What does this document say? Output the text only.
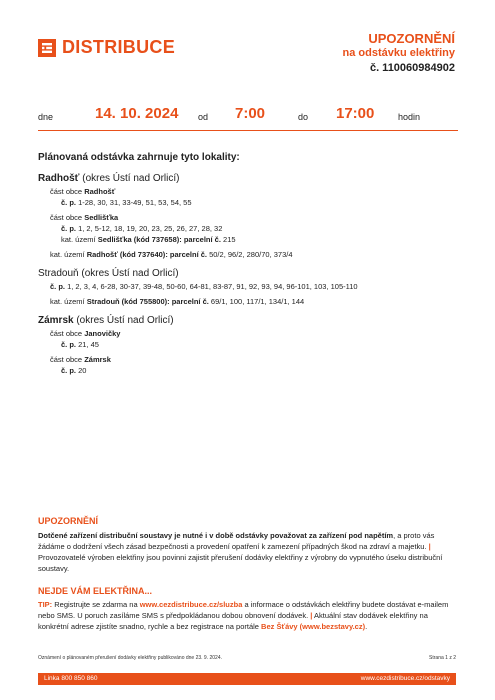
DISTRIBUCE	UPOZORNĚNÍ
na odstávku elektřiny
č. 110060984902
dne	14. 10. 2024 od 7:00	do 17:00	hodin
Plánovaná odstávka zahrnuje tyto lokality:
Radhošť (okres Ústí nad Orlicí)
část obce Radhošť
č. p. 1-28, 30, 31, 33-49, 51, 53, 54, 55
část obce Sedlišťka
č. p. 1, 2, 5-12, 18, 19, 20, 23, 25, 26, 27, 28, 32
kat. území Sedlišťka (kód 737658): parcelní č. 215
kat. území Radhošť (kód 737640): parcelní č. 50/2, 96/2, 280/70, 373/4
Stradouň (okres Ústí nad Orlicí)
č. p. 1, 2, 3, 4, 6-28, 30-37, 39-48, 50-60, 64-81, 83-87, 91, 92, 93, 94, 96-101, 103, 105-110
kat. území Stradouň (kód 755800): parcelní č. 69/1, 100, 117/1, 134/1, 144
Zámrsk (okres Ústí nad Orlicí)
část obce Janovičky
č. p. 21, 45
část obce Zámrsk
č. p. 20
UPOZORNĚNÍ
Dotčené zařízení distribuční soustavy je nutné i v době odstávky považovat za zařízení pod napětím, a proto vás žádáme o dodržení všech zásad bezpečnosti a provedení opatření k zamezení případných škod na zdraví a majetku. | Provozovatelé výroben elektřiny jsou povinni zajistit přerušení dodávky elektřiny z výrobny do vypnutého úseku distribuční soustavy.
NEJDE VÁM ELEKTŘINA...
TIP: Registrujte se zdarma na www.cezdistribuce.cz/sluzba a informace o odstávkách elektřiny budete dostávat e-mailem nebo SMS. U poruch zasíláme SMS s předpokládanou dobou obnovení dodávek. | Aktuální stav dodávek elektřiny na konkrétní adrese zjistíte snadno, rychle a bez registrace na portále Bez Šťávy (www.bezstavy.cz).
Oznámení o plánovaném přerušení dodávky elektřiny publikováno dne 23. 9. 2024.	Strana 1 z 2
Linka 800 850 860	www.cezdistribuce.cz/odstavky
